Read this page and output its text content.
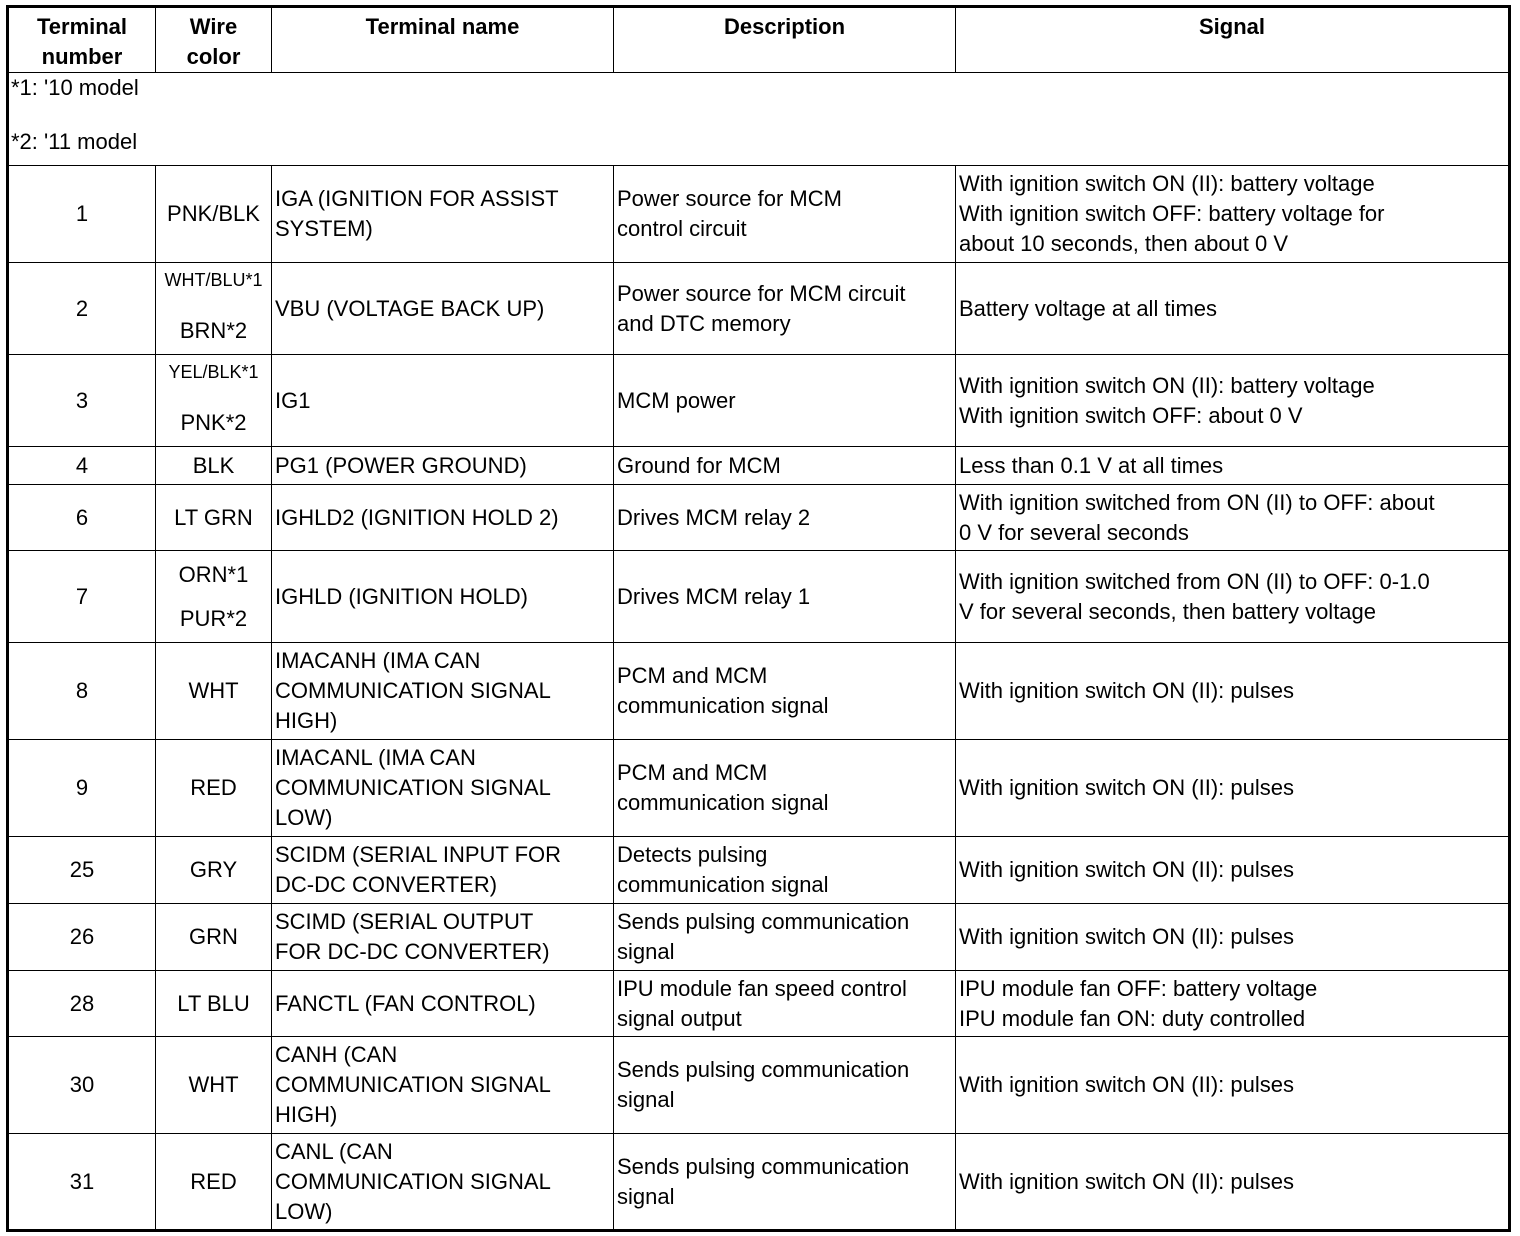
Terminal
number	Wire
color	Terminal name	Description	Signal

*1: '10 model
*2: '11 model				

1	PNK/BLK	IGA (IGNITION FOR ASSIST
SYSTEM)	Power source for MCM
control circuit	With ignition switch ON (II): battery voltage
With ignition switch OFF: battery voltage for
about 10 seconds, then about 0 V

2	WHT/BLU*1
BRN*2	VBU (VOLTAGE BACK UP)	Power source for MCM circuit
and DTC memory	Battery voltage at all times

3	YEL/BLK*1
PNK*2	IG1	MCM power	With ignition switch ON (II): battery voltage
With ignition switch OFF: about 0 V

4	BLK	PG1 (POWER GROUND)	Ground for MCM	Less than 0.1 V at all times

6	LT GRN	IGHLD2 (IGNITION HOLD 2)	Drives MCM relay 2	With ignition switched from ON (II) to OFF: about
0 V for several seconds

7	ORN*1
PUR*2	IGHLD (IGNITION HOLD)	Drives MCM relay 1	With ignition switched from ON (II) to OFF: 0-1.0
V for several seconds, then battery voltage

8	WHT	IMACANH (IMA CAN
COMMUNICATION SIGNAL
HIGH)	PCM and MCM
communication signal	With ignition switch ON (II): pulses

9	RED	IMACANL (IMA CAN
COMMUNICATION SIGNAL
LOW)	PCM and MCM
communication signal	With ignition switch ON (II): pulses

25	GRY	SCIDM (SERIAL INPUT FOR
DC-DC CONVERTER)	Detects pulsing
communication signal	With ignition switch ON (II): pulses

26	GRN	SCIMD (SERIAL OUTPUT
FOR DC-DC CONVERTER)	Sends pulsing communication
signal	With ignition switch ON (II): pulses

28	LT BLU	FANCTL (FAN CONTROL)	IPU module fan speed control
signal output	IPU module fan OFF: battery voltage
IPU module fan ON: duty controlled

30	WHT	CANH (CAN
COMMUNICATION SIGNAL
HIGH)	Sends pulsing communication
signal	With ignition switch ON (II): pulses

31	RED	CANL (CAN
COMMUNICATION SIGNAL
LOW)	Sends pulsing communication
signal	With ignition switch ON (II): pulses
